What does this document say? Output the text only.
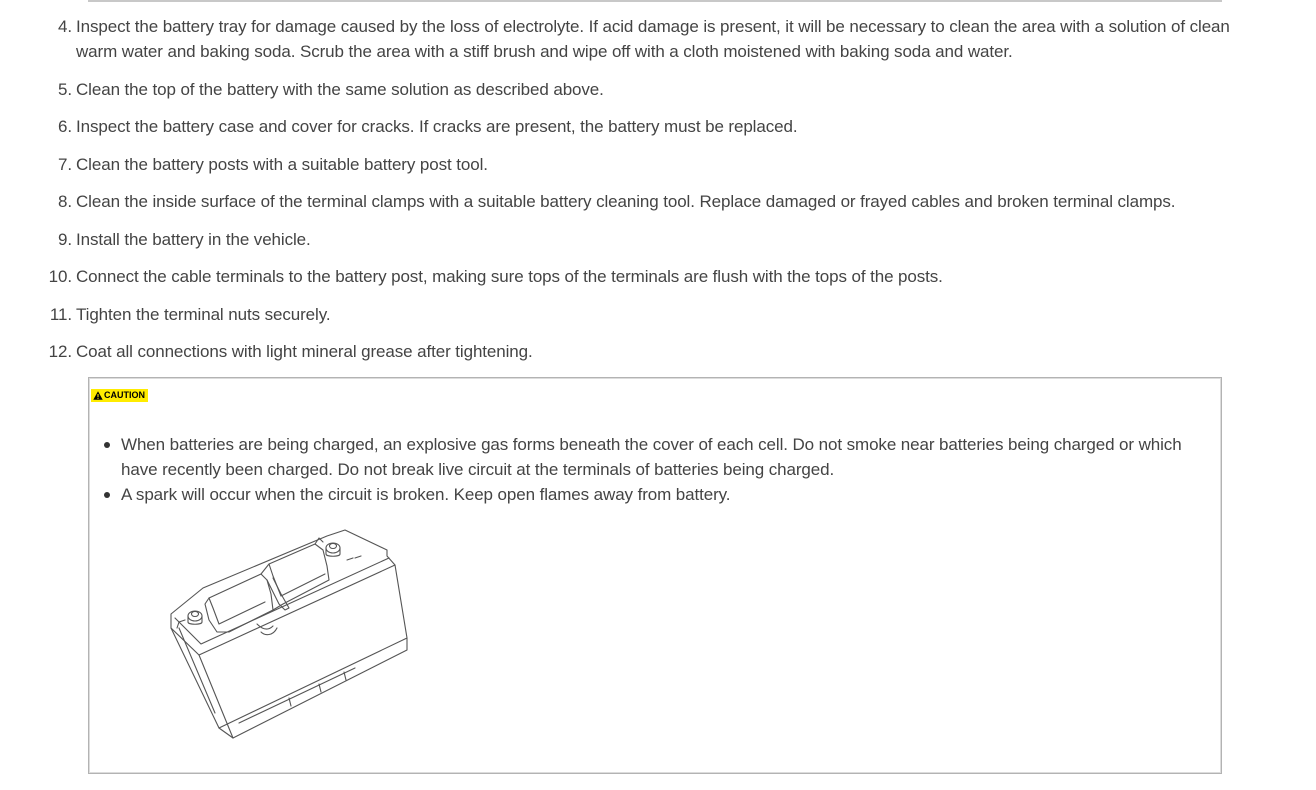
4. Inspect the battery tray for damage caused by the loss of electrolyte. If acid damage is present, it will be necessary to clean the area with a solution of clean warm water and baking soda. Scrub the area with a stiff brush and wipe off with a cloth moistened with baking soda and water.
5. Clean the top of the battery with the same solution as described above.
6. Inspect the battery case and cover for cracks. If cracks are present, the battery must be replaced.
7. Clean the battery posts with a suitable battery post tool.
8. Clean the inside surface of the terminal clamps with a suitable battery cleaning tool. Replace damaged or frayed cables and broken terminal clamps.
9. Install the battery in the vehicle.
10. Connect the cable terminals to the battery post, making sure tops of the terminals are flush with the tops of the posts.
11. Tighten the terminal nuts securely.
12. Coat all connections with light mineral grease after tightening.
CAUTION
When batteries are being charged, an explosive gas forms beneath the cover of each cell. Do not smoke near batteries being charged or which have recently been charged. Do not break live circuit at the terminals of batteries being charged.
A spark will occur when the circuit is broken. Keep open flames away from battery.
